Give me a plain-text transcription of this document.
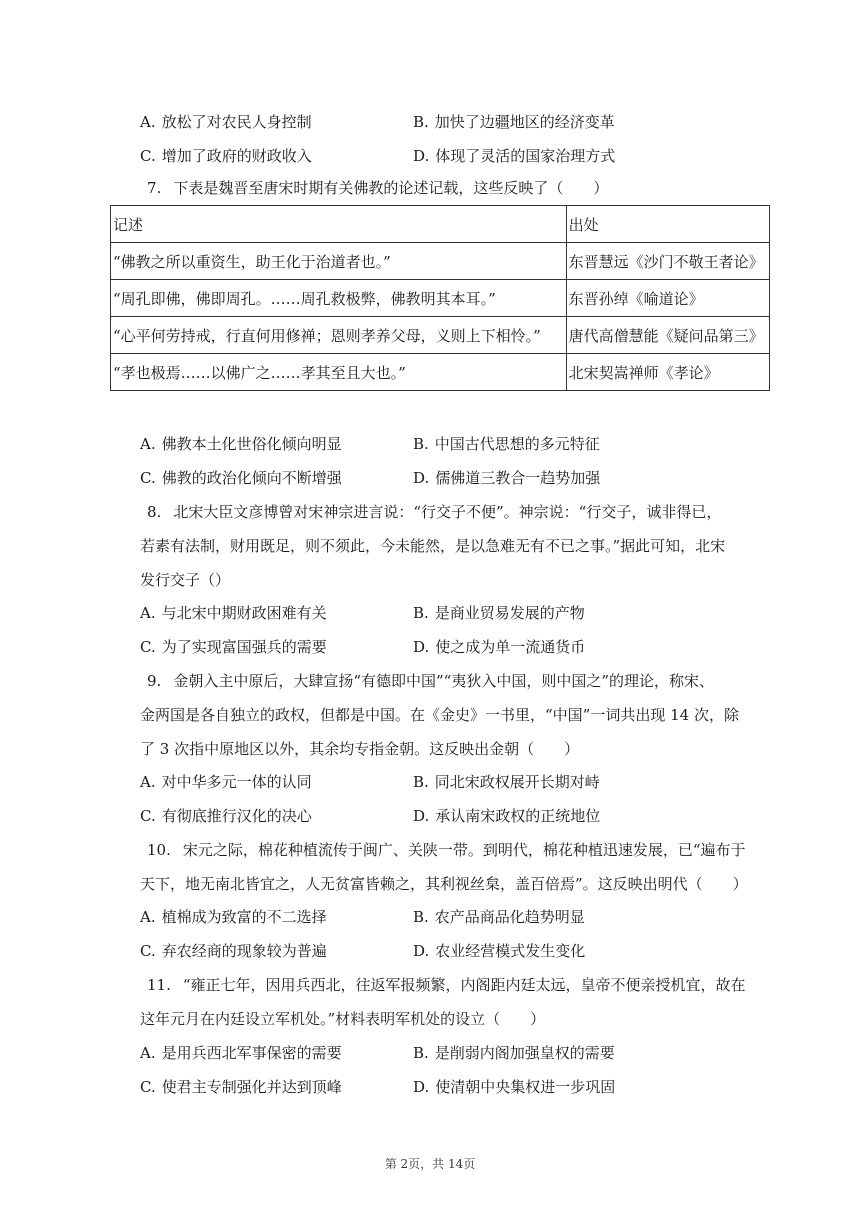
A. 放松了对农民人身控制	B. 加快了边疆地区的经济变革
C. 增加了政府的财政收入	D. 体现了灵活的国家治理方式
7. 下表是魏晋至唐宋时期有关佛教的论述记载，这些反映了（　　）
记述	出处
“佛教之所以重资生，助王化于治道者也。”	东晋慧远《沙门不敬王者论》
“周孔即佛，佛即周孔。……周孔救极弊，佛教明其本耳。”	东晋孙绰《喻道论》
“心平何劳持戒，行直何用修禅；恩则孝养父母，义则上下相怜。”	唐代高僧慧能《疑问品第三》
“孝也极焉……以佛广之……孝其至且大也。”	北宋契嵩禅师《孝论》
A. 佛教本土化世俗化倾向明显	B. 中国古代思想的多元特征
C. 佛教的政治化倾向不断增强	D. 儒佛道三教合一趋势加强
8. 北宋大臣文彦博曾对宋神宗进言说：“行交子不便”。神宗说：“行交子，诚非得已，
若素有法制，财用既足，则不须此，今未能然，是以急难无有不已之事。”据此可知，北宋
发行交子（）
A. 与北宋中期财政困难有关	B. 是商业贸易发展的产物
C. 为了实现富国强兵的需要	D. 使之成为单一流通货币
9. 金朝入主中原后，大肆宣扬“有德即中国”“夷狄入中国，则中国之”的理论，称宋、
金两国是各自独立的政权，但都是中国。在《金史》一书里，“中国”一词共出现 14 次，除
了 3 次指中原地区以外，其余均专指金朝。这反映出金朝（　　）
A. 对中华多元一体的认同	B. 同北宋政权展开长期对峙
C. 有彻底推行汉化的决心	D. 承认南宋政权的正统地位
10. 宋元之际，棉花种植流传于闽广、关陕一带。到明代，棉花种植迅速发展，已“遍布于
天下，地无南北皆宜之，人无贫富皆赖之，其利视丝枲，盖百倍焉”。这反映出明代（　　）
A. 植棉成为致富的不二选择	B. 农产品商品化趋势明显
C. 弃农经商的现象较为普遍	D. 农业经营模式发生变化
11. “雍正七年，因用兵西北，往返军报频繁，内阁距内廷太远，皇帝不便亲授机宜，故在
这年元月在内廷设立军机处。”材料表明军机处的设立（　　）
A. 是用兵西北军事保密的需要	B. 是削弱内阁加强皇权的需要
C. 使君主专制强化并达到顶峰	D. 使清朝中央集权进一步巩固
第 2页，共 14页
